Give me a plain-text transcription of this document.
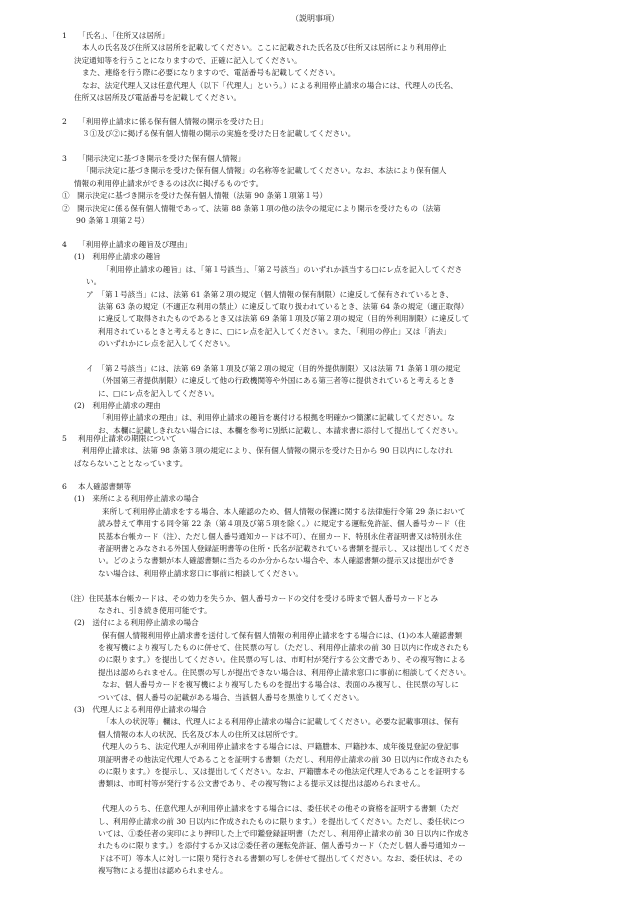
（説明事項）
1 「氏名」、「住所又は居所」
本人の氏名及び住所又は居所を記載してください。ここに記載された氏名及び住所又は居所により利用停止
決定通知等を行うことになりますので、正確に記入してください。
また、連絡を行う際に必要になりますので、電話番号も記載してください。
なお、法定代理人又は任意代理人（以下「代理人」という。）による利用停止請求の場合には、代理人の氏名、
住所又は居所及び電話番号を記載してください。
2 「利用停止請求に係る保有個人情報の開示を受けた日」
３①及び②に掲げる保有個人情報の開示の実施を受けた日を記載してください。
3 「開示決定に基づき開示を受けた保有個人情報」
「開示決定に基づき開示を受けた保有個人情報」の名称等を記載してください。なお、本法により保有個人
情報の利用停止請求ができるのは次に掲げるものです。
①　開示決定に基づき開示を受けた保有個人情報（法第 90 条第１項第１号）
②　開示決定に係る保有個人情報であって、法第 88 条第１項の他の法令の規定により開示を受けたもの（法第
90 条第１項第２号）
4 「利用停止請求の趣旨及び理由」
(1)　利用停止請求の趣旨
「利用停止請求の趣旨」は、「第１号該当」、「第２号該当」のいずれか該当する□にレ点を記入してくださ
い。
ア　「第１号該当」には、法第 61 条第２項の規定（個人情報の保有制限）に違反して保有されているとき、
法第 63 条の規定（不適正な利用の禁止）に違反して取り扱われているとき、法第 64 条の規定（適正取得）
に違反して取得されたものであるとき又は法第 69 条第１項及び第２項の規定（目的外利用制限）に違反して
利用されているときと考えるときに、□にレ点を記入してください。また、「利用の停止」又は「消去」
のいずれかにレ点を記入してください。
イ　「第２号該当」には、法第 69 条第１項及び第２項の規定（目的外提供制限）又は法第 71 条第１項の規定
（外国第三者提供制限）に違反して他の行政機関等や外国にある第三者等に提供されていると考えるとき
に、□にレ点を記入してください。
(2)　利用停止請求の理由
「利用停止請求の理由」は、利用停止請求の趣旨を裏付ける根拠を明確かつ簡潔に記載してください。な
お、本欄に記載しきれない場合には、本欄を参考に別紙に記載し、本請求書に添付して提出してください。
5 利用停止請求の期限について
利用停止請求は、法第 98 条第３項の規定により、保有個人情報の開示を受けた日から 90 日以内にしなけれ
ばならないこととなっています。
6 本人確認書類等
(1)　来所による利用停止請求の場合
来所して利用停止請求をする場合、本人確認のため、個人情報の保護に関する法律施行令第 29 条において
読み替えて準用する同令第 22 条（第４項及び第５項を除く。）に規定する運転免許証、個人番号カード（住
民基本台帳カード（注）、ただし個人番号通知カードは不可）、在留カード、特別永住者証明書又は特別永住
者証明書とみなされる外国人登録証明書等の住所・氏名が記載されている書類を提示し、又は提出してくださ
い。どのような書類が本人確認書類に当たるのか分からない場合や、本人確認書類の提示又は提出ができ
ない場合は、利用停止請求窓口に事前に相談してください。
（注）住民基本台帳カードは、その効力を失うか、個人番号カードの交付を受ける時まで個人番号カードとみ
なされ、引き続き使用可能です。
(2)　送付による利用停止請求の場合
保有個人情報利用停止請求書を送付して保有個人情報の利用停止請求をする場合には、(1)の本人確認書類
を複写機により複写したものに併せて、住民票の写し（ただし、利用停止請求の前 30 日以内に作成されたも
のに限ります。）を提出してください。住民票の写しは、市町村が発行する公文書であり、その複写物による
提出は認められません。住民票の写しが提出できない場合は、利用停止請求窓口に事前に相談してください。
なお、個人番号カードを複写機により複写したものを提出する場合は、表面のみ複写し、住民票の写しに
ついては、個人番号の記載がある場合、当該個人番号を黒塗りしてください。
(3)　代理人による利用停止請求の場合
「本人の状況等」欄は、代理人による利用停止請求の場合に記載してください。必要な記載事項は、保有
個人情報の本人の状況、氏名及び本人の住所又は居所です。
代理人のうち、法定代理人が利用停止請求をする場合には、戸籍謄本、戸籍抄本、成年後見登記の登記事
項証明書その他法定代理人であることを証明する書類（ただし、利用停止請求の前 30 日以内に作成されたも
のに限ります。）を提示し、又は提出してください。なお、戸籍謄本その他法定代理人であることを証明する
書類は、市町村等が発行する公文書であり、その複写物による提示又は提出は認められません。
代理人のうち、任意代理人が利用停止請求をする場合には、委任状その他その資格を証明する書類（ただ
し、利用停止請求の前 30 日以内に作成されたものに限ります。）を提出してください。ただし、委任状につ
いては、①委任者の実印により押印した上で印鑑登録証明書（ただし、利用停止請求の前 30 日以内に作成さ
れたものに限ります。）を添付するか又は②委任者の運転免許証、個人番号カード（ただし個人番号通知カー
ドは不可）等本人に対し一に限り発行される書類の写しを併せて提出してください。なお、委任状は、その
複写物による提出は認められません。
